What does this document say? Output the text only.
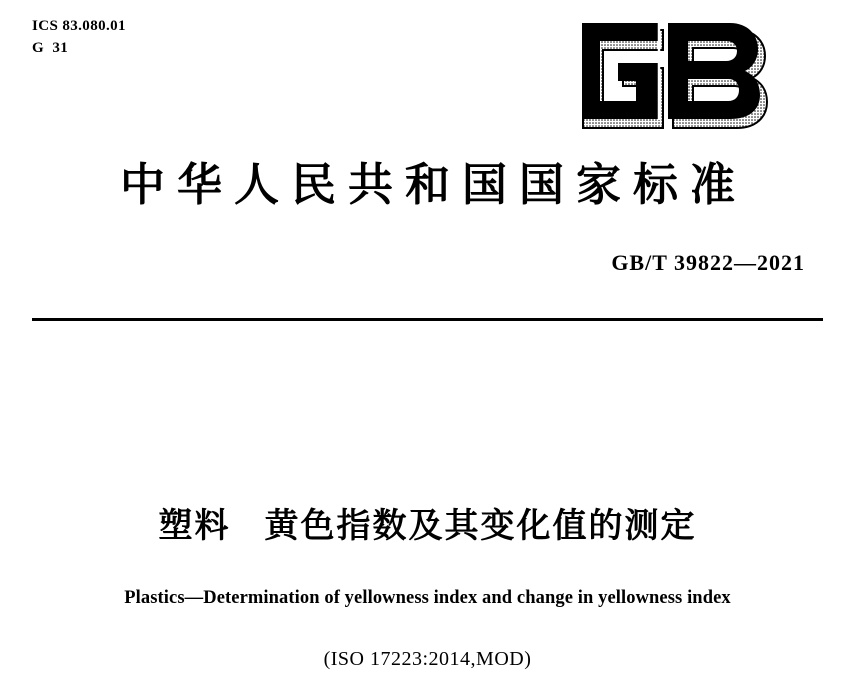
ICS 83.080.01
G  31
中华人民共和国国家标准
GB/T 39822—2021
塑料 黄色指数及其变化值的测定
Plastics—Determination of yellowness index and change in yellowness index
(ISO 17223:2014,MOD)
